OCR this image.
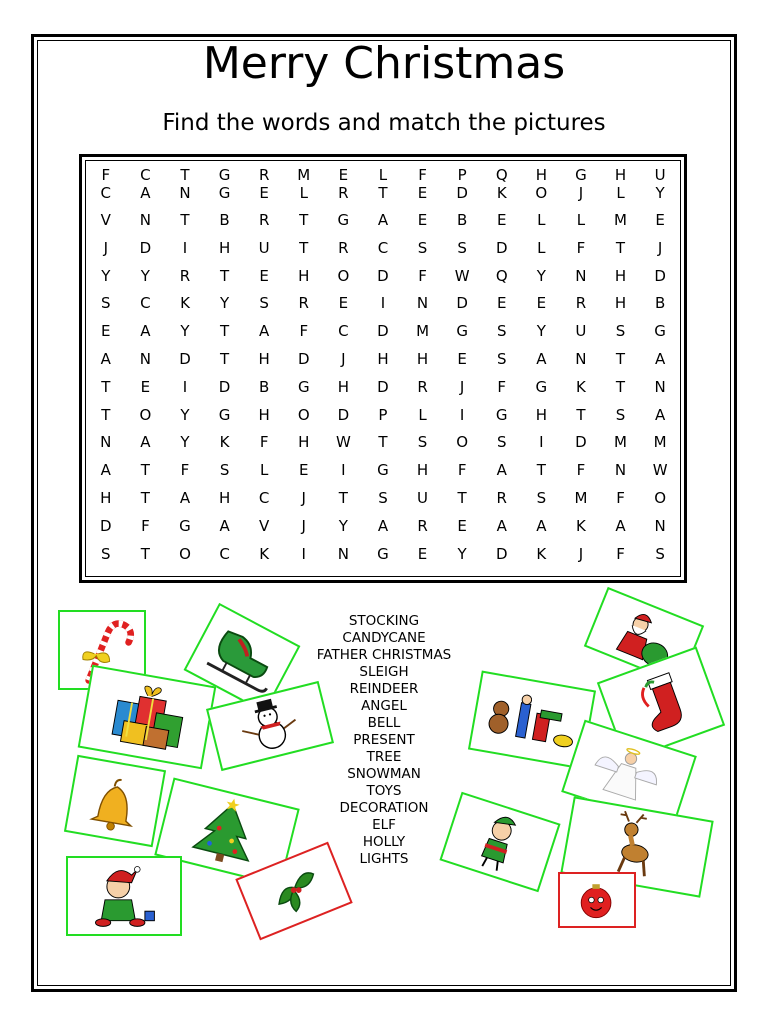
Merry Christmas
Find the words and match the pictures
F	C	T	G	R	M	E	L	F	P	Q	H	G	H	U
C	A	N	G	E	L	R	T	E	D	K	O	J	L	Y
V	N	T	B	R	T	G	A	E	B	E	L	L	M	E
J	D	I	H	U	T	R	C	S	S	D	L	F	T	J
Y	Y	R	T	E	H	O	D	F	W	Q	Y	N	H	D
S	C	K	Y	S	R	E	I	N	D	E	E	R	H	B
E	A	Y	T	A	F	C	D	M	G	S	Y	U	S	G
A	N	D	T	H	D	J	H	H	E	S	A	N	T	A
T	E	I	D	B	G	H	D	R	J	F	G	K	T	N
T	O	Y	G	H	O	D	P	L	I	G	H	T	S	A
N	A	Y	K	F	H	W	T	S	O	S	I	D	M	M
A	T	F	S	L	E	I	G	H	F	A	T	F	N	W
H	T	A	H	C	J	T	S	U	T	R	S	M	F	O
D	F	G	A	V	J	Y	A	R	E	A	A	K	A	N
S	T	O	C	K	I	N	G	E	Y	D	K	J	F	S
STOCKING
CANDYCANE
FATHER CHRISTMAS
SLEIGH
REINDEER
ANGEL
BELL
PRESENT
TREE
SNOWMAN
TOYS
DECORATION
ELF
HOLLY
LIGHTS
